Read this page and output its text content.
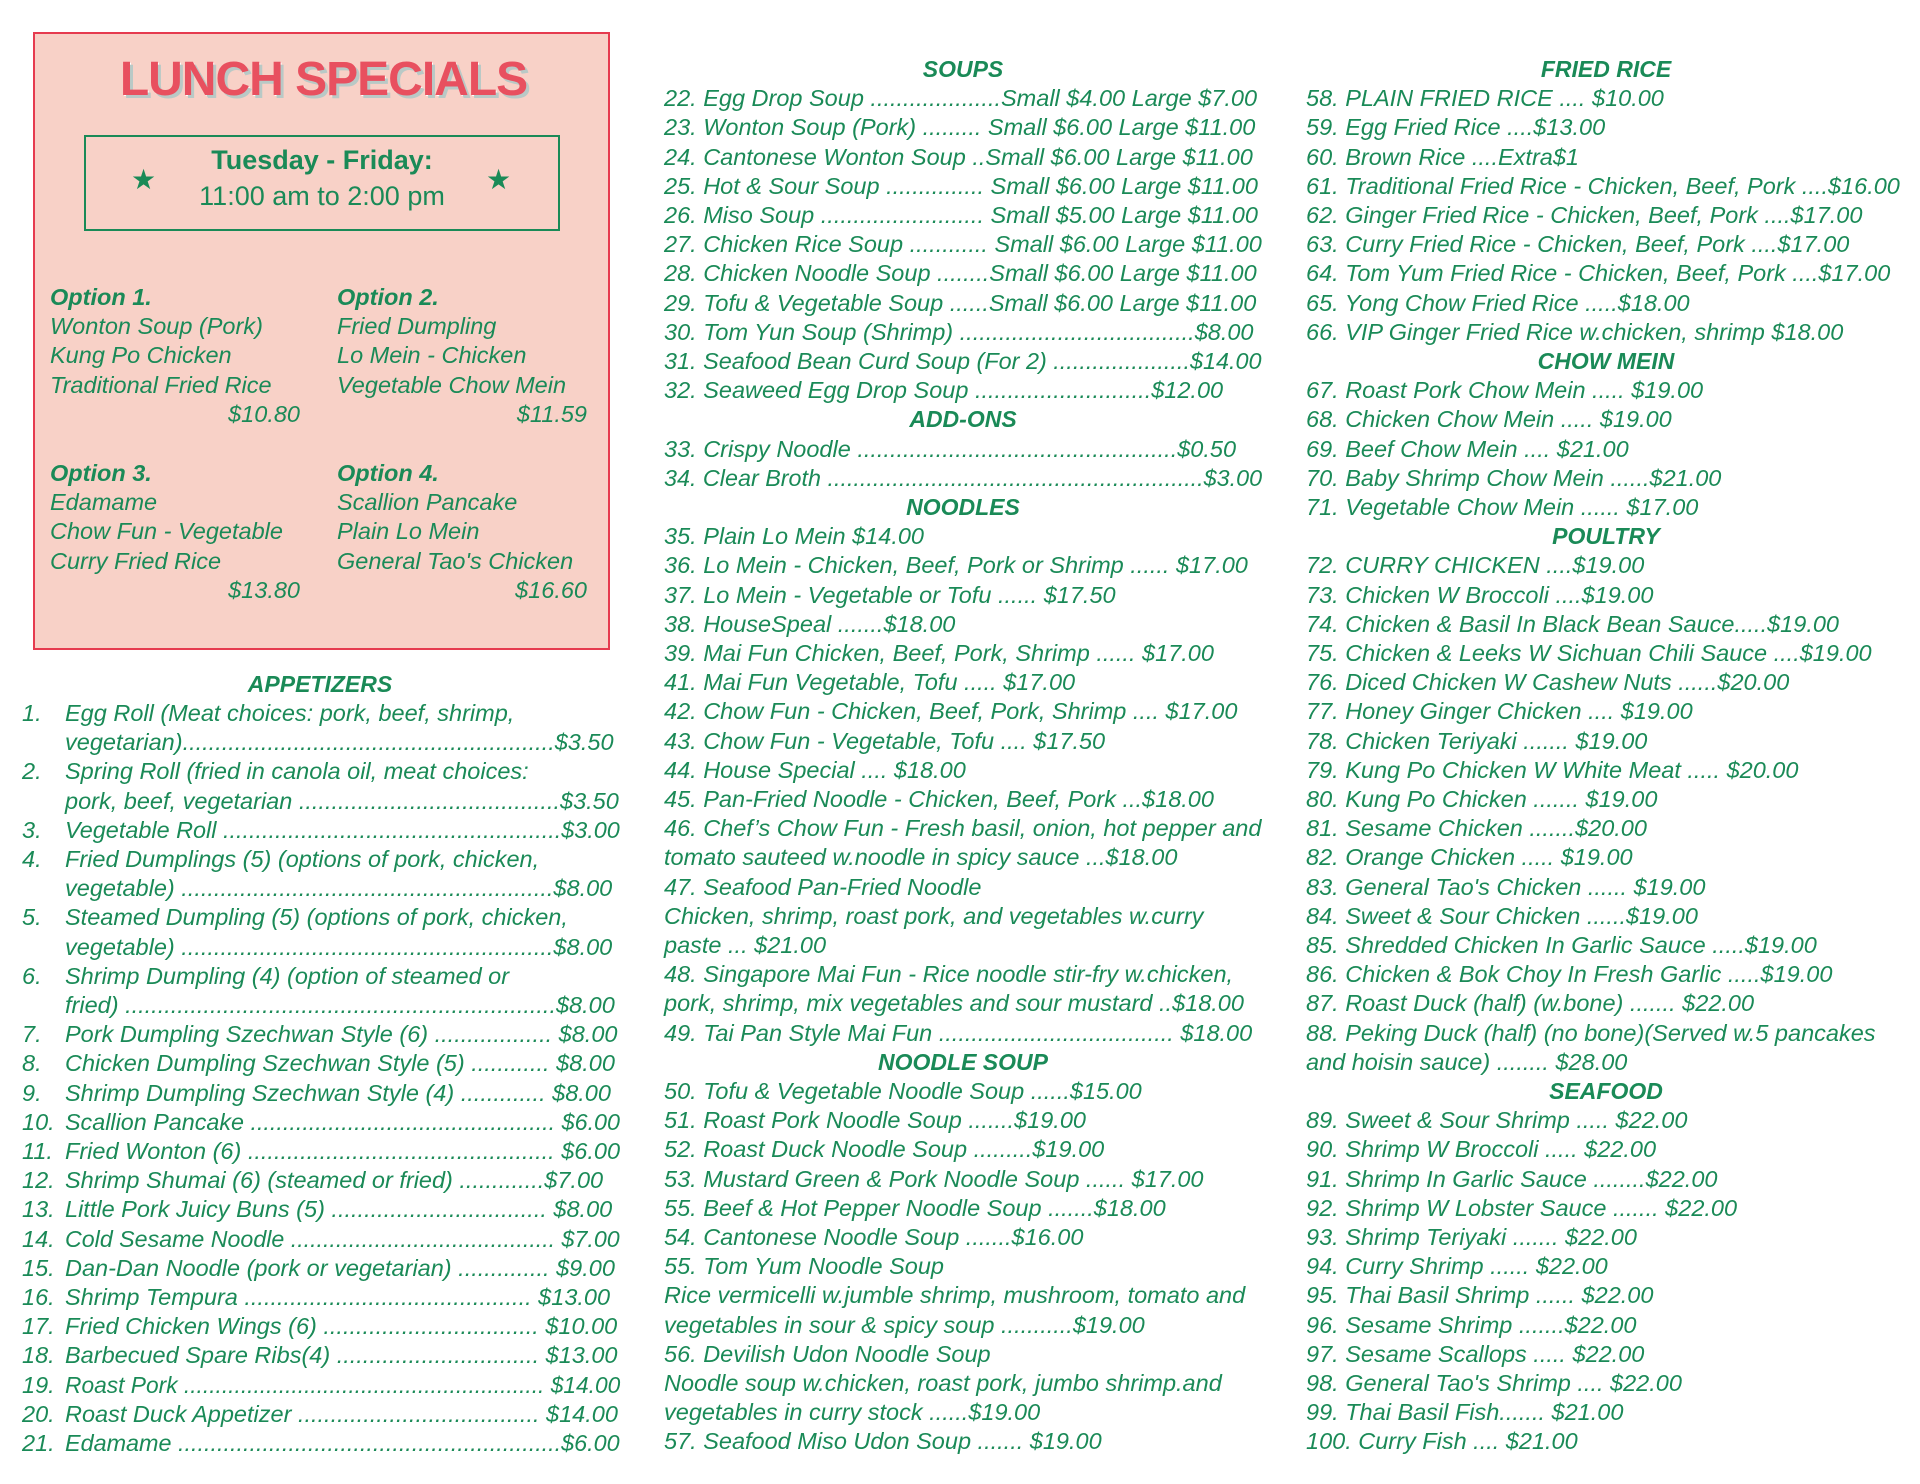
LUNCH SPECIALS
★
Tuesday - Friday:
11:00 am to 2:00 pm
★
Option 1.
Wonton Soup (Pork)
Kung Po Chicken
Traditional Fried Rice
$10.80
Option 2.
Fried Dumpling
Lo Mein - Chicken
Vegetable Chow Mein
$11.59
Option 3.
Edamame
Chow Fun - Vegetable
Curry Fried Rice
$13.80
Option 4.
Scallion Pancake
Plain Lo Mein
General Tao's Chicken
$16.60
APPETIZERS
1. Egg Roll (Meat choices: pork, beef, shrimp,
vegetarian).........................................................$3.50
2. Spring Roll (fried in canola oil, meat choices:
pork, beef, vegetarian ........................................$3.50
3. Vegetable Roll ....................................................$3.00
4. Fried Dumplings (5) (options of pork, chicken,
vegetable) .........................................................$8.00
5. Steamed Dumpling (5) (options of pork, chicken,
vegetable) .........................................................$8.00
6. Shrimp Dumpling (4) (option of steamed or
fried) ..................................................................$8.00
7. Pork Dumpling Szechwan Style (6) .................. $8.00
8. Chicken Dumpling Szechwan Style (5) ............ $8.00
9. Shrimp Dumpling Szechwan Style (4) ............. $8.00
10. Scallion Pancake ............................................... $6.00
11. Fried Wonton (6) ............................................... $6.00
12. Shrimp Shumai (6) (steamed or fried) .............$7.00
13. Little Pork Juicy Buns (5) ................................. $8.00
14. Cold Sesame Noodle ......................................... $7.00
15. Dan-Dan Noodle (pork or vegetarian) .............. $9.00
16. Shrimp Tempura ............................................ $13.00
17. Fried Chicken Wings (6) ................................. $10.00
18. Barbecued Spare Ribs(4) ............................... $13.00
19. Roast Pork ......................................................... $14.00
20. Roast Duck Appetizer ..................................... $14.00
21. Edamame ...........................................................$6.00
SOUPS
22. Egg Drop Soup ....................Small $4.00 Large $7.00
23. Wonton Soup (Pork) ......... Small $6.00 Large $11.00
24. Cantonese Wonton Soup ..Small $6.00 Large $11.00
25. Hot & Sour Soup ............... Small $6.00 Large $11.00
26. Miso Soup ......................... Small $5.00 Large $11.00
27. Chicken Rice Soup ............ Small $6.00 Large $11.00
28. Chicken Noodle Soup ........Small $6.00 Large $11.00
29. Tofu & Vegetable Soup ......Small $6.00 Large $11.00
30. Tom Yun Soup (Shrimp) ....................................$8.00
31. Seafood Bean Curd Soup (For 2) .....................$14.00
32. Seaweed Egg Drop Soup ...........................$12.00
ADD-ONS
33. Crispy Noodle .................................................$0.50
34. Clear Broth ..........................................................$3.00
NOODLES
35. Plain Lo Mein $14.00
36. Lo Mein - Chicken, Beef, Pork or Shrimp ...... $17.00
37. Lo Mein - Vegetable or Tofu ...... $17.50
38. HouseSpeal .......$18.00
39. Mai Fun Chicken, Beef, Pork, Shrimp ...... $17.00
41. Mai Fun Vegetable, Tofu ..... $17.00
42. Chow Fun - Chicken, Beef, Pork, Shrimp .... $17.00
43. Chow Fun - Vegetable, Tofu .... $17.50
44. House Special .... $18.00
45. Pan-Fried Noodle - Chicken, Beef, Pork ...$18.00
46. Chef’s Chow Fun - Fresh basil, onion, hot pepper and
tomato sauteed w.noodle in spicy sauce ...$18.00
47. Seafood Pan-Fried Noodle
Chicken, shrimp, roast pork, and vegetables w.curry
paste ... $21.00
48. Singapore Mai Fun - Rice noodle stir-fry w.chicken,
pork, shrimp, mix vegetables and sour mustard ..$18.00
49. Tai Pan Style Mai Fun .................................... $18.00
NOODLE SOUP
50. Tofu & Vegetable Noodle Soup ......$15.00
51. Roast Pork Noodle Soup .......$19.00
52. Roast Duck Noodle Soup .........$19.00
53. Mustard Green & Pork Noodle Soup ...... $17.00
55. Beef & Hot Pepper Noodle Soup .......$18.00
54. Cantonese Noodle Soup .......$16.00
55. Tom Yum Noodle Soup
Rice vermicelli w.jumble shrimp, mushroom, tomato and
vegetables in sour & spicy soup ...........$19.00
56. Devilish Udon Noodle Soup
Noodle soup w.chicken, roast pork, jumbo shrimp.and
vegetables in curry stock ......$19.00
57. Seafood Miso Udon Soup ....... $19.00
FRIED RICE
58. PLAIN FRIED RICE .... $10.00
59. Egg Fried Rice ....$13.00
60. Brown Rice ....Extra$1
61. Traditional Fried Rice - Chicken, Beef, Pork ....$16.00
62. Ginger Fried Rice - Chicken, Beef, Pork ....$17.00
63. Curry Fried Rice - Chicken, Beef, Pork ....$17.00
64. Tom Yum Fried Rice - Chicken, Beef, Pork ....$17.00
65. Yong Chow Fried Rice .....$18.00
66. VIP Ginger Fried Rice w.chicken, shrimp $18.00
CHOW MEIN
67. Roast Pork Chow Mein ..... $19.00
68. Chicken Chow Mein ..... $19.00
69. Beef Chow Mein .... $21.00
70. Baby Shrimp Chow Mein ......$21.00
71. Vegetable Chow Mein ...... $17.00
POULTRY
72. CURRY CHICKEN ....$19.00
73. Chicken W Broccoli ....$19.00
74. Chicken & Basil In Black Bean Sauce.....$19.00
75. Chicken & Leeks W Sichuan Chili Sauce ....$19.00
76. Diced Chicken W Cashew Nuts ......$20.00
77. Honey Ginger Chicken .... $19.00
78. Chicken Teriyaki ....... $19.00
79. Kung Po Chicken W White Meat ..... $20.00
80. Kung Po Chicken ....... $19.00
81. Sesame Chicken .......$20.00
82. Orange Chicken ..... $19.00
83. General Tao's Chicken ...... $19.00
84. Sweet & Sour Chicken ......$19.00
85. Shredded Chicken In Garlic Sauce .....$19.00
86. Chicken & Bok Choy In Fresh Garlic .....$19.00
87. Roast Duck (half) (w.bone) ....... $22.00
88. Peking Duck (half) (no bone)(Served w.5 pancakes
and hoisin sauce) ........ $28.00
SEAFOOD
89. Sweet & Sour Shrimp ..... $22.00
90. Shrimp W Broccoli ..... $22.00
91. Shrimp In Garlic Sauce ........$22.00
92. Shrimp W Lobster Sauce ....... $22.00
93. Shrimp Teriyaki ....... $22.00
94. Curry Shrimp ...... $22.00
95. Thai Basil Shrimp ...... $22.00
96. Sesame Shrimp .......$22.00
97. Sesame Scallops ..... $22.00
98. General Tao's Shrimp .... $22.00
99. Thai Basil Fish....... $21.00
100. Curry Fish .... $21.00
